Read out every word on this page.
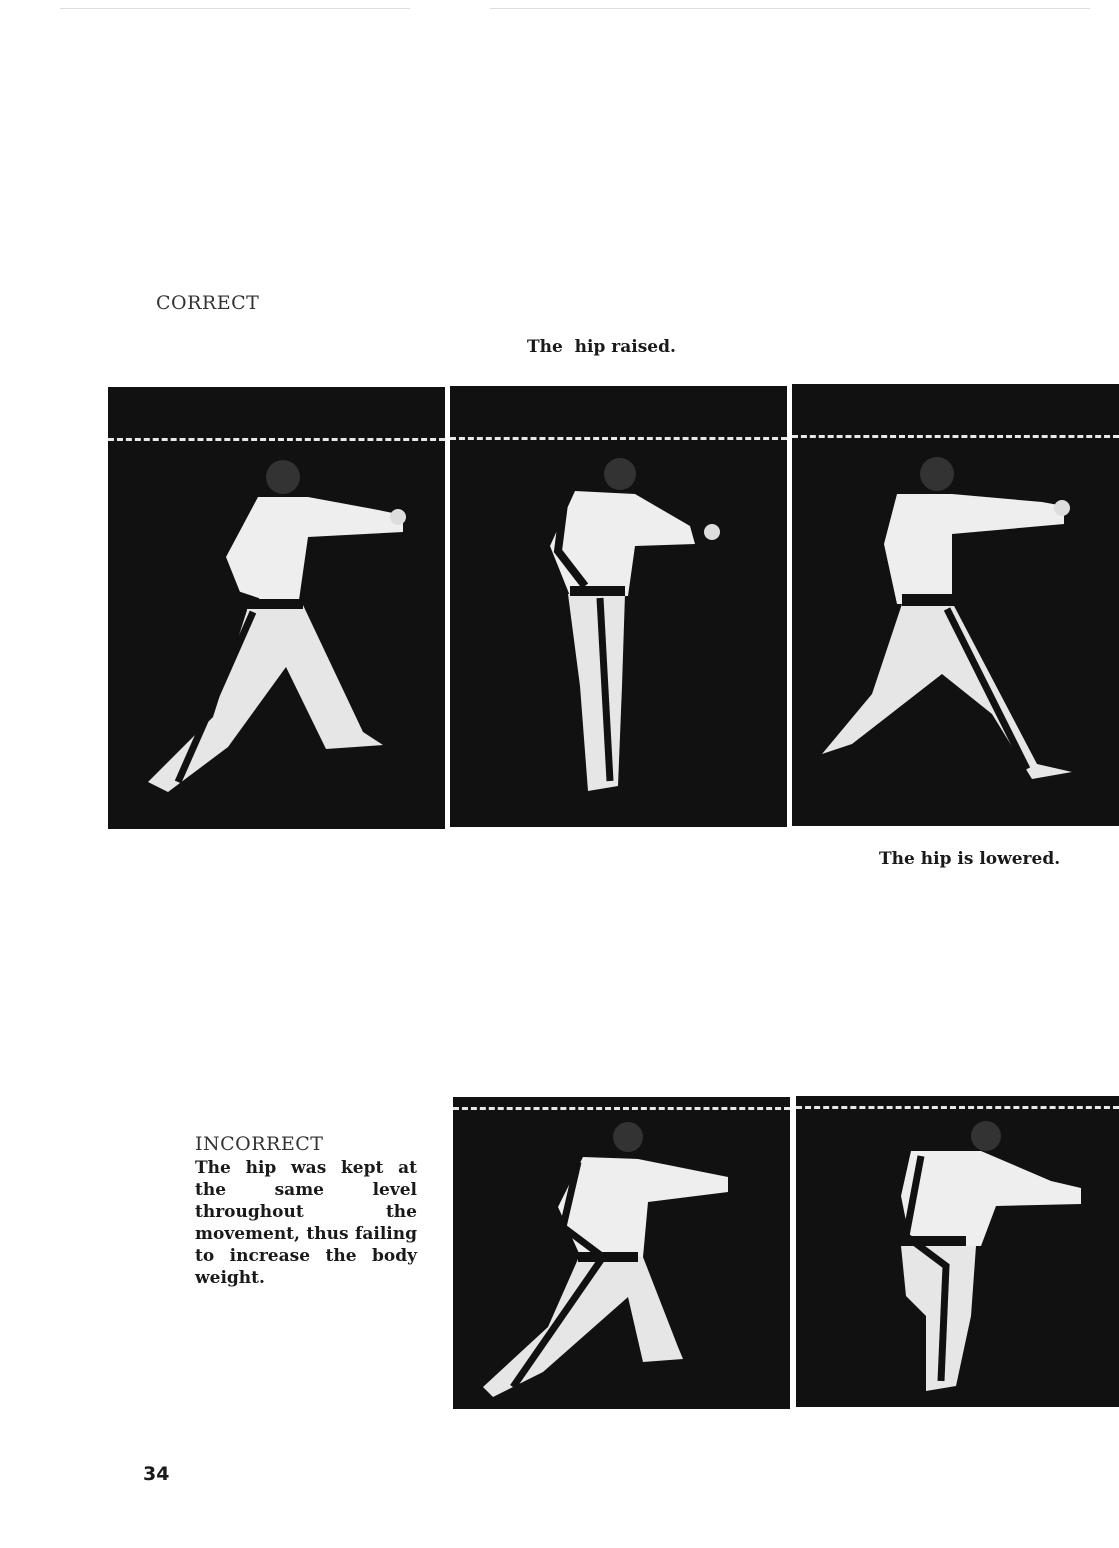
CORRECT
The  hip raised.
The hip is lowered.
INCORRECT
The hip was kept at the same level throughout the movement, thus failing to increase the body weight.
34
